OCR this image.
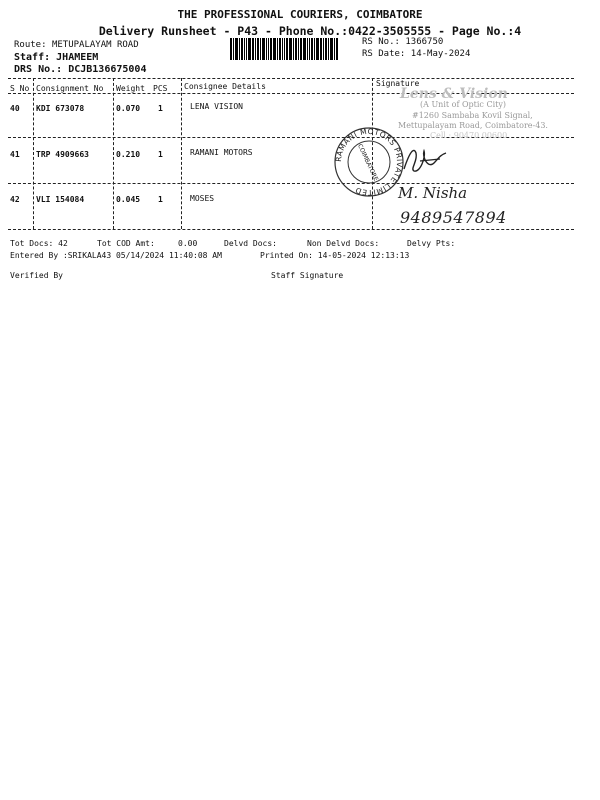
THE PROFESSIONAL COURIERS, COIMBATORE
Delivery Runsheet - P43 - Phone No.:0422-3505555 - Page No.:4
Route: METUPALAYAM ROAD
Staff: JHAMEEM
DRS No.: DCJB136675004
RS No.: 1366750
RS Date: 14-May-2024
S No Consignment No Weight PCS Consignee Details	Signature
40 KDI 673078	0.070 1	LENA VISION
41 TRP 4909663	0.210 1	RAMANI MOTORS
42 VLI 154084	0.045 1	MOSES
Lens & Vision
(A Unit of Optic City)
#1260 Sambaba Kovil Signal,
Mettupalayam Road, Coimbatore-43.
Cell : 90470 00600
RAMANI MOTORS PRIVATE LIMITED
COIMBATORE
M. Nisha
9489547894
Tot Docs: 42	Tot COD Amt:	0.00	Delvd Docs:	Non Delvd Docs:	Delvy Pts:
Entered By :SRIKALA43 05/14/2024 11:40:08 AM	Printed On: 14-05-2024 12:13:13
Verified By	Staff Signature
